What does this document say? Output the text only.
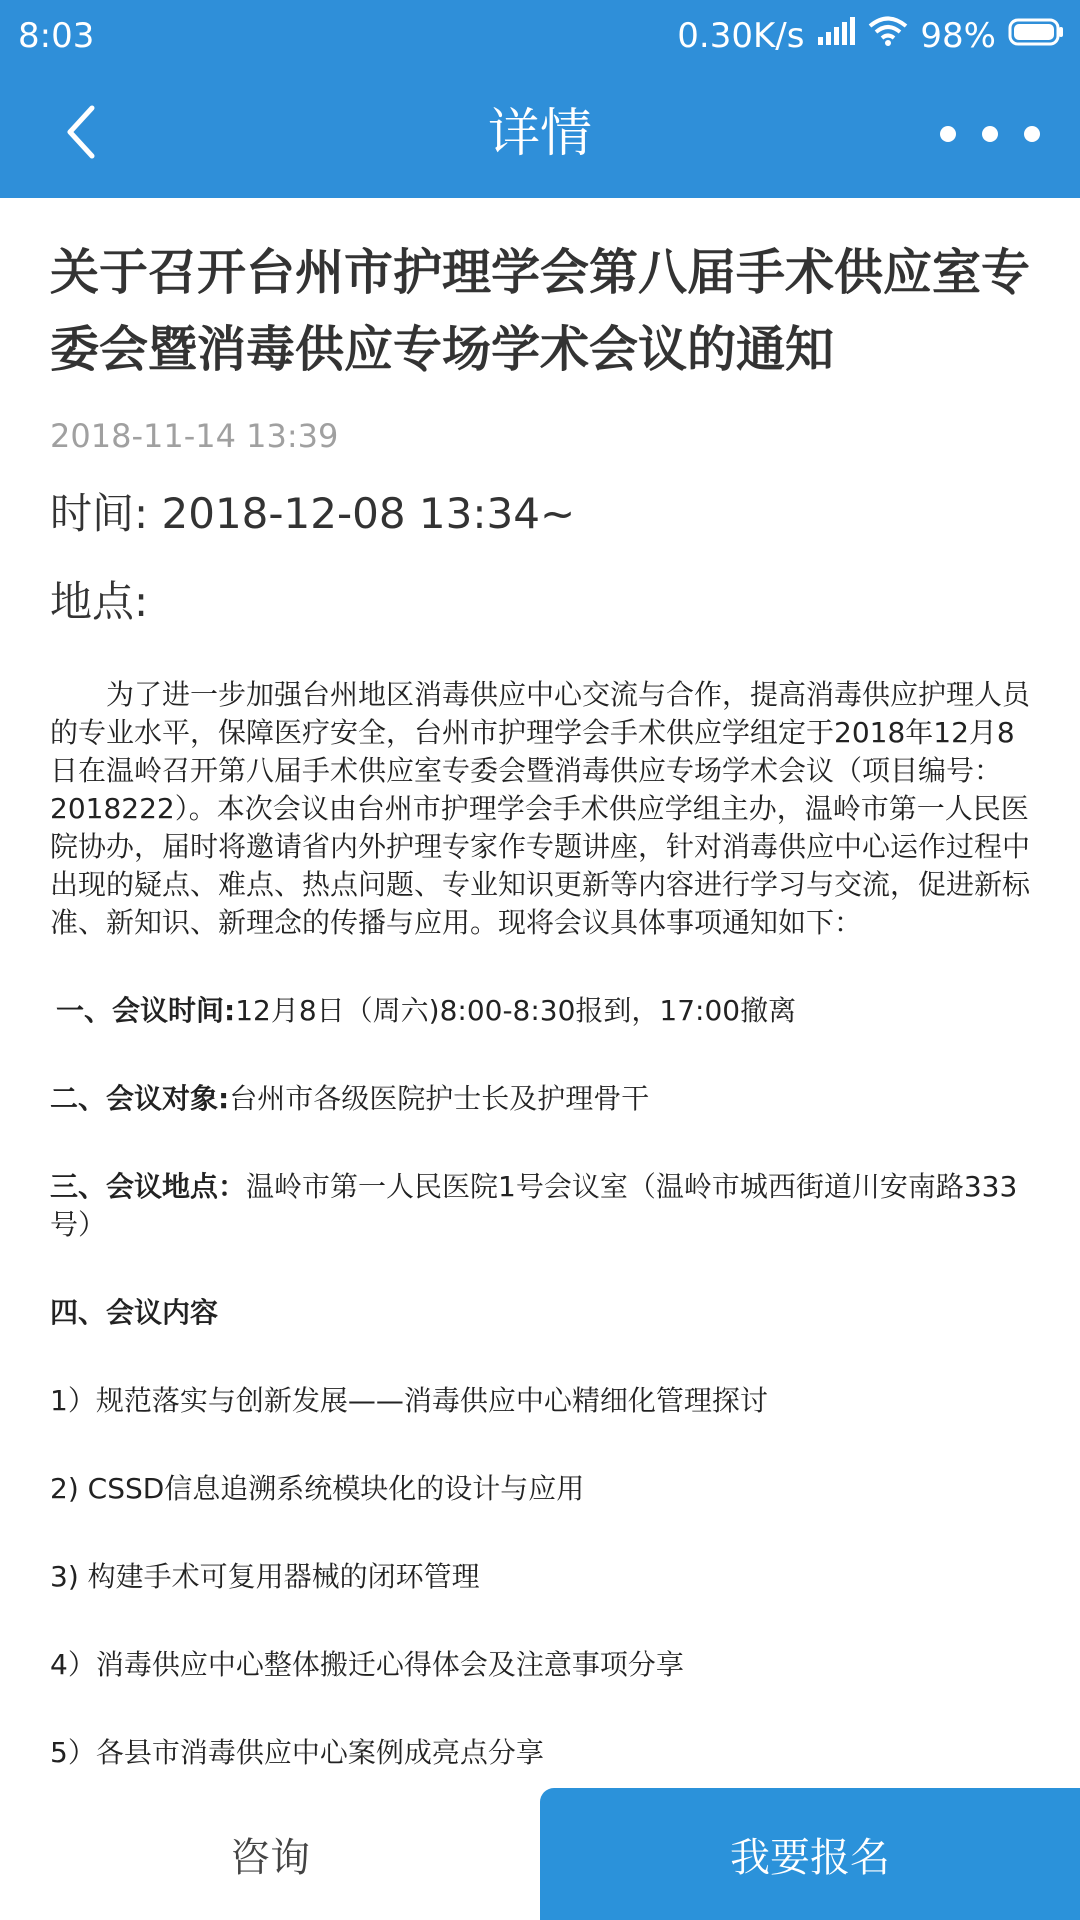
8:03	0.30K/s	98%
详情
关于召开台州市护理学会第八届手术供应室专委会暨消毒供应专场学术会议的通知
2018-11-14 13:39
时间: 2018-12-08 13:34~
地点:

为了进一步加强台州地区消毒供应中心交流与合作，提高消毒供应护理人员的专业水平，保障医疗安全，台州市护理学会手术供应学组定于2018年12月8日在温岭召开第八届手术供应室专委会暨消毒供应专场学术会议（项目编号：2018222）。本次会议由台州市护理学会手术供应学组主办，温岭市第一人民医院协办，届时将邀请省内外护理专家作专题讲座，针对消毒供应中心运作过程中出现的疑点、难点、热点问题、专业知识更新等内容进行学习与交流，促进新标准、新知识、新理念的传播与应用。现将会议具体事项通知如下：

一、会议时间:12月8日（周六)8:00-8:30报到，17:00撤离

二、会议对象:台州市各级医院护士长及护理骨干

三、会议地点：温岭市第一人民医院1号会议室（温岭市城西街道川安南路333号）

四、会议内容

1）规范落实与创新发展——消毒供应中心精细化管理探讨

2) CSSD信息追溯系统模块化的设计与应用

3) 构建手术可复用器械的闭环管理

4）消毒供应中心整体搬迁心得体会及注意事项分享

5）各县市消毒供应中心案例成亮点分享

咨询	我要报名
